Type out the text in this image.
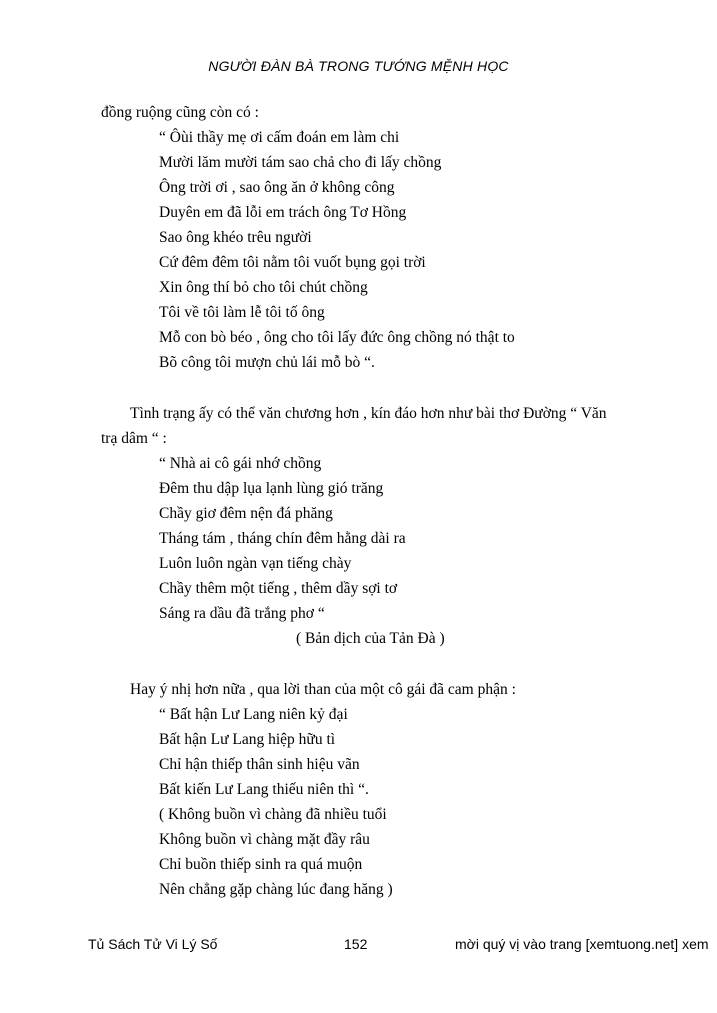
NGƯỜI ĐÀN BÀ TRONG TƯỚNG MỆNH HỌC
đồng ruộng cũng còn có :
“ Ôùi thầy mẹ ơi cấm đoán em làm chi
Mười lăm mười tám sao chả cho đi lấy chồng
Ông trời ơi , sao ông ăn ở không công
Duyên em đã lỗi em trách ông Tơ Hồng
Sao ông khéo trêu người
Cứ đêm đêm tôi nằm tôi vuốt bụng gọi trời
Xin ông thí bỏ cho tôi chút chồng
Tôi về tôi làm lễ tôi tố ông
Mỗ con bò béo , ông cho tôi lấy đức ông chồng nó thật to
Bõ công tôi mượn chủ lái mỗ bò “.
Tình trạng ấy có thể văn chương hơn , kín đáo hơn như bài thơ Đường “ Văn
trạ dâm “ :
“ Nhà ai cô gái nhớ chồng
Đêm thu dập lụa lạnh lùng gió trăng
Chầy giơ đêm nện đá phăng
Tháng tám , tháng chín đêm hằng dài ra
Luôn luôn ngàn vạn tiếng chày
Chầy thêm một tiếng , thêm dầy sợi tơ
Sáng ra dầu đã trắng phơ “
( Bản dịch của Tản Đà )
Hay ý nhị hơn nữa , qua lời than của một cô gái đã cam phận :
“ Bất hận Lư Lang niên kỷ đại
Bất hận Lư Lang hiệp hữu tì
Chỉ hận thiếp thân sinh hiệu vãn
Bất kiến Lư Lang thiếu niên thì “.
( Không buồn vì chàng đã nhiều tuổi
Không buồn vì chàng mặt đầy râu
Chỉ buồn thiếp sinh ra quá muộn
Nên chẳng gặp chàng lúc đang hăng )
Tủ Sách Tử Vi Lý Số	152	mời quý vị vào trang [xemtuong.net] xem
